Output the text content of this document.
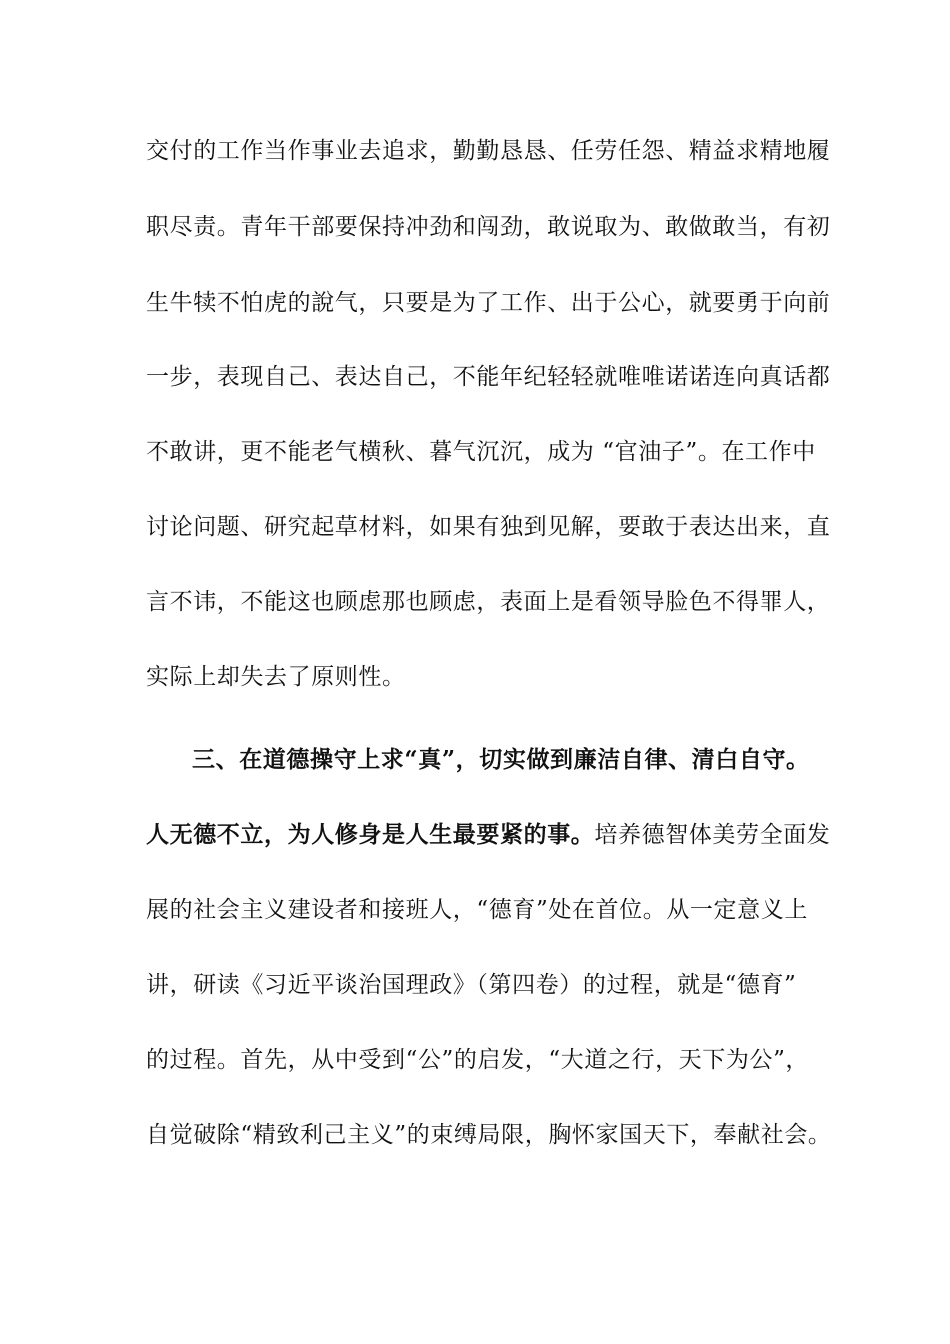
交付的工作当作事业去追求，勤勤恳恳、任劳任怨、精益求精地履
职尽责。青年干部要保持冲劲和闯劲，敢说取为、敢做敢当，有初
生牛犊不怕虎的說气，只要是为了工作、出于公心，就要勇于向前
一步，表现自己、表达自己，不能年纪轻轻就唯唯诺诺连向真话都
不敢讲，更不能老气横秋、暮气沉沉，成为 “官油子”。在工作中
讨论问题、研究起草材料，如果有独到见解，要敢于表达出来，直
言不讳，不能这也顾虑那也顾虑，表面上是看领导脸色不得罪人，
实际上却失去了原则性。
三、在道德操守上求“真”，切实做到廉洁自律、清白自守。
人无德不立，为人修身是人生最要紧的事。培养德智体美劳全面发
展的社会主义建设者和接班人，“德育”处在首位。从一定意义上
讲，研读《习近平谈治国理政》（第四卷）的过程，就是“德育”
的过程。首先，从中受到“公”的启发，“大道之行，天下为公”，
自觉破除“精致利己主义”的束缚局限，胸怀家国天下，奉献社会。
